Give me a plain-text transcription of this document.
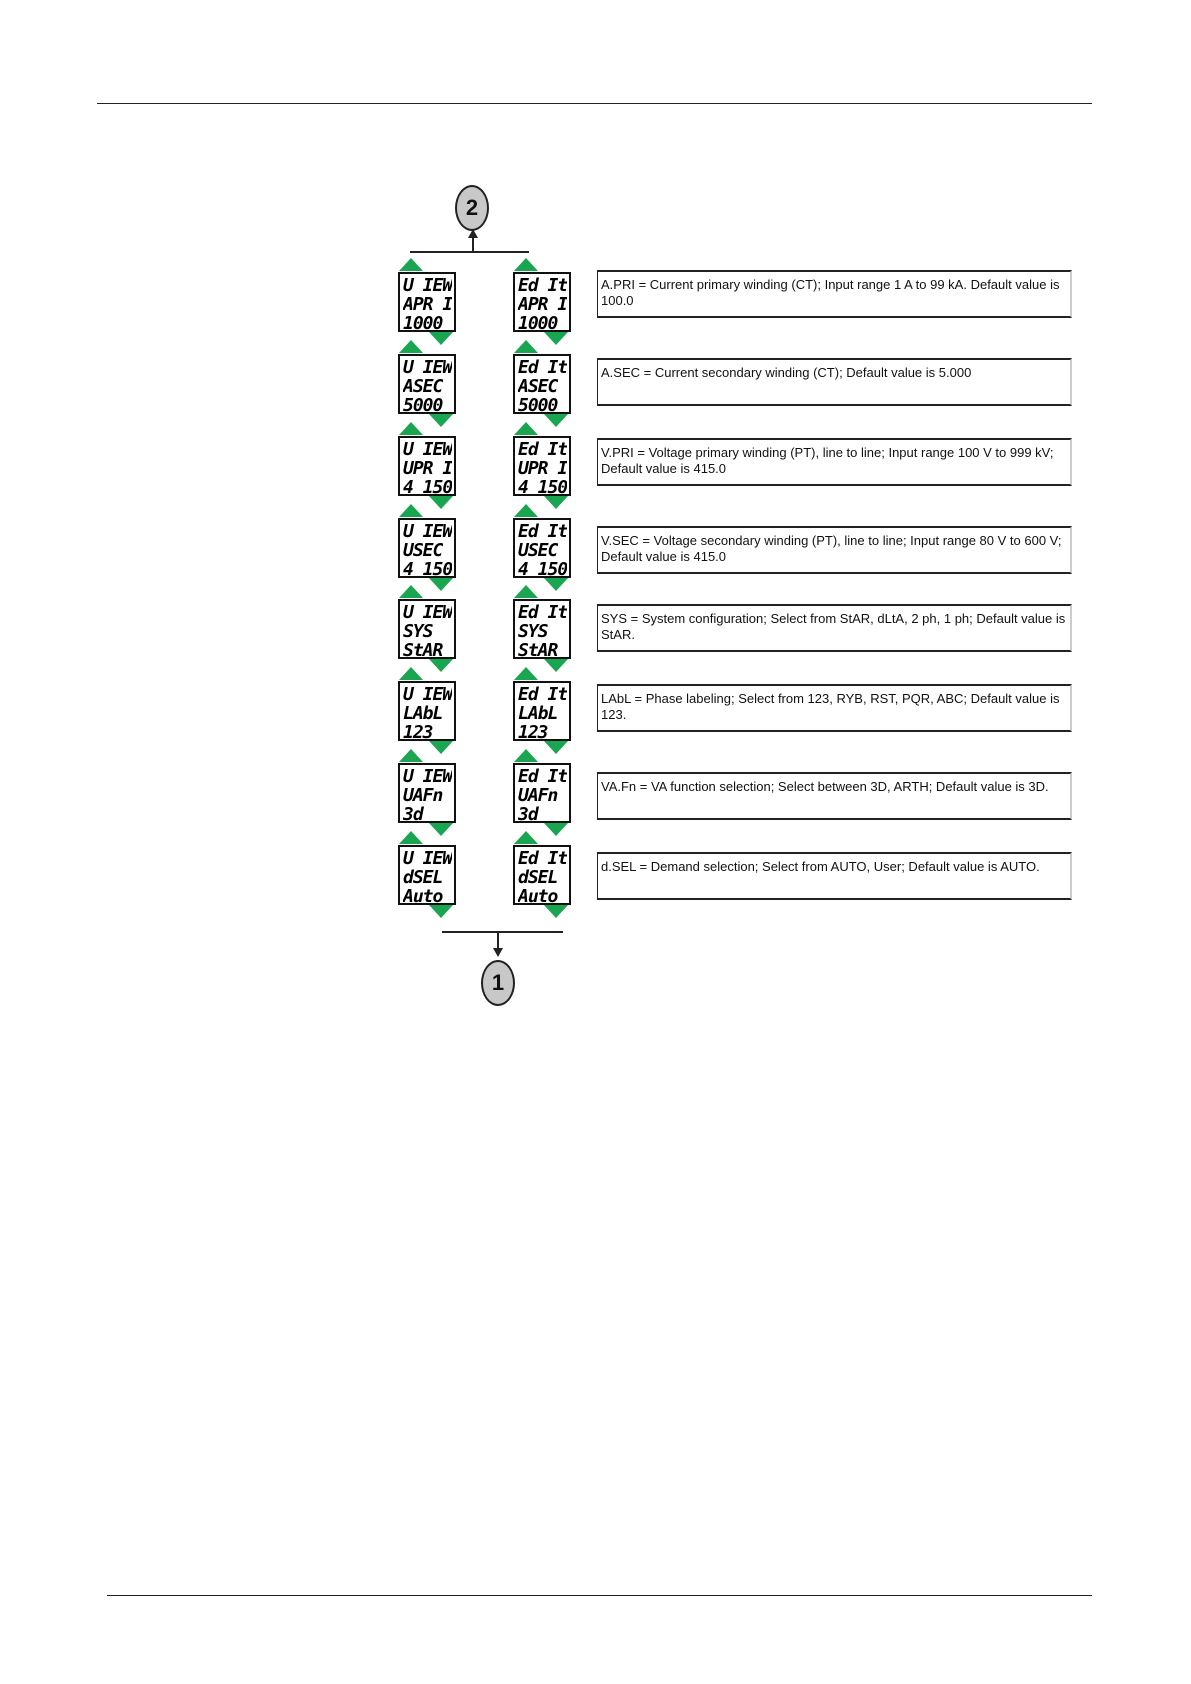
2
1
U IEW
APR I
1000
Ed It
APR I
1000
A.PRI = Current primary winding (CT); Input range 1 A to 99 kA. Default value is 100.0
U IEW
ASEC
5000
Ed It
ASEC
5000
A.SEC = Current secondary winding (CT); Default value is 5.000
U IEW
UPR I
4 150
Ed It
UPR I
4 150
V.PRI = Voltage primary winding (PT), line to line; Input range 100 V to 999 kV; Default value is 415.0
U IEW
USEC
4 150
Ed It
USEC
4 150
V.SEC = Voltage secondary winding (PT), line to line; Input range 80 V to 600 V; Default value is 415.0
U IEW
SYS
StAR
Ed It
SYS
StAR
SYS = System configuration; Select from StAR, dLtA, 2 ph, 1 ph; Default value is StAR.
U IEW
LAbL
123
Ed It
LAbL
123
LAbL = Phase labeling; Select from 123, RYB, RST, PQR, ABC; Default value is 123.
U IEW
UAFn
3d
Ed It
UAFn
3d
VA.Fn = VA function selection; Select between 3D, ARTH; Default value is 3D.
U IEW
dSEL
Auto
Ed It
dSEL
Auto
d.SEL = Demand selection; Select from AUTO, User; Default value is AUTO.
